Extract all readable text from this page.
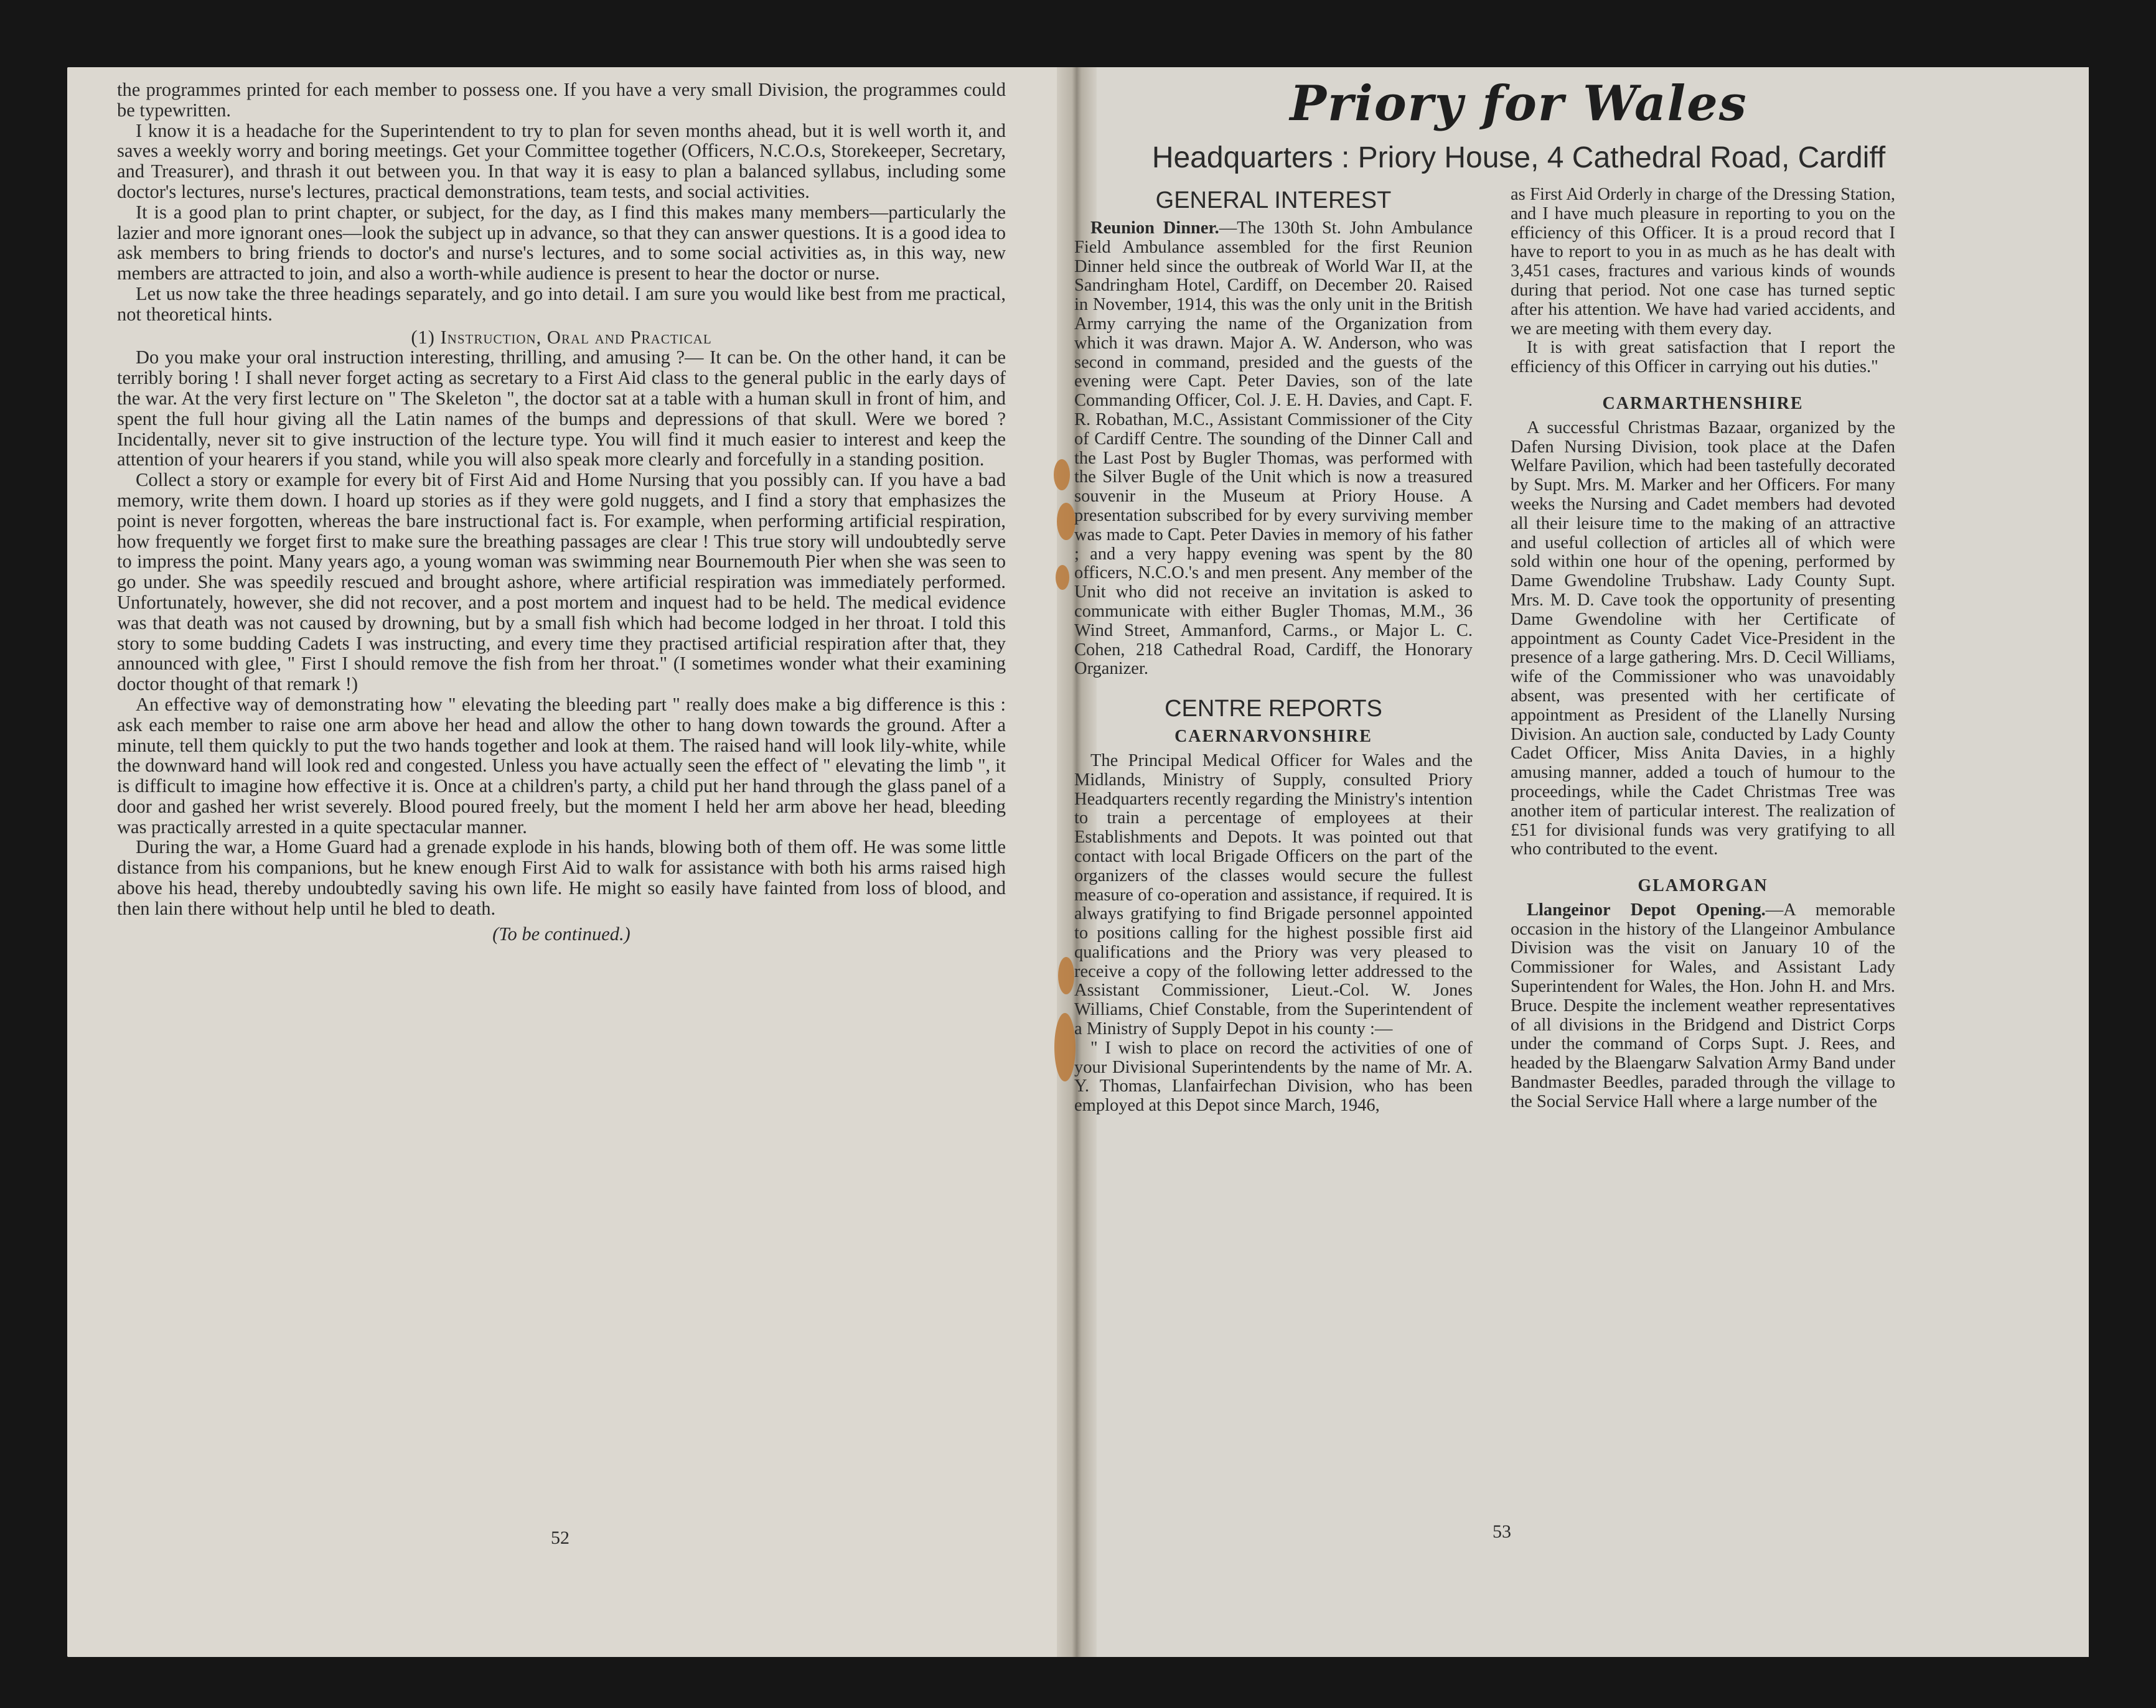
the programmes printed for each member to possess one. If you have a very small Division, the programmes could be typewritten.

I know it is a headache for the Superintendent to try to plan for seven months ahead, but it is well worth it, and saves a weekly worry and boring meetings. Get your Committee together (Officers, N.C.O.s, Storekeeper, Secretary, and Treasurer), and thrash it out between you. In that way it is easy to plan a balanced syllabus, including some doctor's lectures, nurse's lectures, practical demonstrations, team tests, and social activities.

It is a good plan to print chapter, or subject, for the day, as I find this makes many members—particularly the lazier and more ignorant ones—look the subject up in advance, so that they can answer questions. It is a good idea to ask members to bring friends to doctor's and nurse's lectures, and to some social activities as, in this way, new members are attracted to join, and also a worth-while audience is present to hear the doctor or nurse.

Let us now take the three headings separately, and go into detail. I am sure you would like best from me practical, not theoretical hints.

(1) Instruction, Oral and Practical

Do you make your oral instruction interesting, thrilling, and amusing ?— It can be. On the other hand, it can be terribly boring ! I shall never forget acting as secretary to a First Aid class to the general public in the early days of the war. At the very first lecture on " The Skeleton ", the doctor sat at a table with a human skull in front of him, and spent the full hour giving all the Latin names of the bumps and depressions of that skull. Were we bored ? Incidentally, never sit to give instruction of the lecture type. You will find it much easier to interest and keep the attention of your hearers if you stand, while you will also speak more clearly and forcefully in a standing position.

Collect a story or example for every bit of First Aid and Home Nursing that you possibly can. If you have a bad memory, write them down. I hoard up stories as if they were gold nuggets, and I find a story that emphasizes the point is never forgotten, whereas the bare instructional fact is. For example, when performing artificial respiration, how frequently we forget first to make sure the breathing passages are clear ! This true story will undoubtedly serve to impress the point. Many years ago, a young woman was swimming near Bournemouth Pier when she was seen to go under. She was speedily rescued and brought ashore, where artificial respiration was immediately performed. Unfortunately, however, she did not recover, and a post mortem and inquest had to be held. The medical evidence was that death was not caused by drowning, but by a small fish which had become lodged in her throat. I told this story to some budding Cadets I was instructing, and every time they practised artificial respiration after that, they announced with glee, " First I should remove the fish from her throat." (I sometimes wonder what their examining doctor thought of that remark !)

An effective way of demonstrating how " elevating the bleeding part " really does make a big difference is this : ask each member to raise one arm above her head and allow the other to hang down towards the ground. After a minute, tell them quickly to put the two hands together and look at them. The raised hand will look lily-white, while the downward hand will look red and congested. Unless you have actually seen the effect of " elevating the limb ", it is difficult to imagine how effective it is. Once at a children's party, a child put her hand through the glass panel of a door and gashed her wrist severely. Blood poured freely, but the moment I held her arm above her head, bleeding was practically arrested in a quite spectacular manner.

During the war, a Home Guard had a grenade explode in his hands, blowing both of them off. He was some little distance from his companions, but he knew enough First Aid to walk for assistance with both his arms raised high above his head, thereby undoubtedly saving his own life. He might so easily have fainted from loss of blood, and then lain there without help until he bled to death.

(To be continued.)

52
Priory for Wales
Headquarters : Priory House, 4 Cathedral Road, Cardiff
GENERAL INTEREST

Reunion Dinner.—The 130th St. John Ambulance Field Ambulance assembled for the first Reunion Dinner held since the outbreak of World War II, at the Sandringham Hotel, Cardiff, on December 20. Raised in November, 1914, this was the only unit in the British Army carrying the name of the Organization from which it was drawn. Major A. W. Anderson, who was second in command, presided and the guests of the evening were Capt. Peter Davies, son of the late Commanding Officer, Col. J. E. H. Davies, and Capt. F. R. Robathan, M.C., Assistant Commissioner of the City of Cardiff Centre. The sounding of the Dinner Call and the Last Post by Bugler Thomas, was performed with the Silver Bugle of the Unit which is now a treasured souvenir in the Museum at Priory House. A presentation subscribed for by every surviving member was made to Capt. Peter Davies in memory of his father ; and a very happy evening was spent by the 80 officers, N.C.O.'s and men present. Any member of the Unit who did not receive an invitation is asked to communicate with either Bugler Thomas, M.M., 36 Wind Street, Ammanford, Carms., or Major L. C. Cohen, 218 Cathedral Road, Cardiff, the Honorary Organizer.

CENTRE REPORTS
CAERNARVONSHIRE

The Principal Medical Officer for Wales and the Midlands, Ministry of Supply, consulted Priory Headquarters recently regarding the Ministry's intention to train a percentage of employees at their Establishments and Depots. It was pointed out that contact with local Brigade Officers on the part of the organizers of the classes would secure the fullest measure of co-operation and assistance, if required. It is always gratifying to find Brigade personnel appointed to positions calling for the highest possible first aid qualifications and the Priory was very pleased to receive a copy of the following letter addressed to the Assistant Commissioner, Lieut.-Col. W. Jones Williams, Chief Constable, from the Superintendent of a Ministry of Supply Depot in his county :—

" I wish to place on record the activities of one of your Divisional Superintendents by the name of Mr. A. Y. Thomas, Llanfairfechan Division, who has been employed at this Depot since March, 1946,

as First Aid Orderly in charge of the Dressing Station, and I have much pleasure in reporting to you on the efficiency of this Officer. It is a proud record that I have to report to you in as much as he has dealt with 3,451 cases, fractures and various kinds of wounds during that period. Not one case has turned septic after his attention. We have had varied accidents, and we are meeting with them every day.

It is with great satisfaction that I report the efficiency of this Officer in carrying out his duties."

CARMARTHENSHIRE

A successful Christmas Bazaar, organized by the Dafen Nursing Division, took place at the Dafen Welfare Pavilion, which had been tastefully decorated by Supt. Mrs. M. Marker and her Officers. For many weeks the Nursing and Cadet members had devoted all their leisure time to the making of an attractive and useful collection of articles all of which were sold within one hour of the opening, performed by Dame Gwendoline Trubshaw. Lady County Supt. Mrs. M. D. Cave took the opportunity of presenting Dame Gwendoline with her Certificate of appointment as County Cadet Vice-President in the presence of a large gathering. Mrs. D. Cecil Williams, wife of the Commissioner who was unavoidably absent, was presented with her certificate of appointment as President of the Llanelly Nursing Division. An auction sale, conducted by Lady County Cadet Officer, Miss Anita Davies, in a highly amusing manner, added a touch of humour to the proceedings, while the Cadet Christmas Tree was another item of particular interest. The realization of £51 for divisional funds was very gratifying to all who contributed to the event.

GLAMORGAN

Llangeinor Depot Opening.—A memorable occasion in the history of the Llangeinor Ambulance Division was the visit on January 10 of the Commissioner for Wales, and Assistant Lady Superintendent for Wales, the Hon. John H. and Mrs. Bruce. Despite the inclement weather representatives of all divisions in the Bridgend and District Corps under the command of Corps Supt. J. Rees, and headed by the Blaengarw Salvation Army Band under Bandmaster Beedles, paraded through the village to the Social Service Hall where a large number of the

53
